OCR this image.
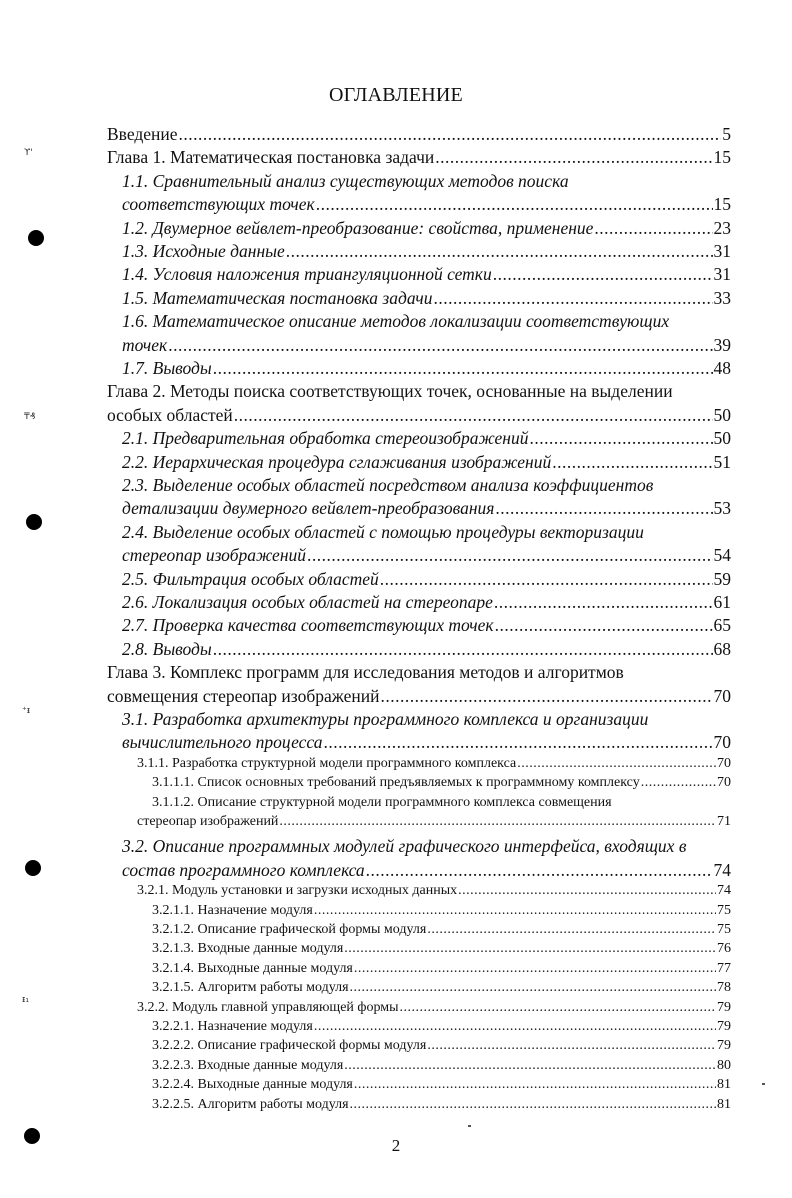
ОГЛАВЛЕНИЕ
Введение .....	5
Глава 1. Математическая постановка задачи .....	15
1.1. Сравнительный анализ существующих методов поиска
соответствующих точек .....	15
1.2. Двумерное вейвлет-преобразование: свойства, применение .....	23
1.3. Исходные данные .....	31
1.4. Условия наложения триангуляционной сетки .....	31
1.5. Математическая постановка задачи .....	33
1.6. Математическое описание методов локализации соответствующих
точек .....	39
1.7. Выводы .....	48
Глава 2. Методы поиска соответствующих точек, основанные на выделении
особых областей .....	50
2.1. Предварительная обработка стереоизображений .....	50
2.2. Иерархическая процедура сглаживания изображений .....	51
2.3. Выделение особых областей посредством анализа коэффициентов
детализации двумерного вейвлет-преобразования .....	53
2.4. Выделение особых областей с помощью процедуры векторизации
стереопар изображений .....	54
2.5. Фильтрация особых областей .....	59
2.6. Локализация особых областей на стереопаре .....	61
2.7. Проверка качества соответствующих точек .....	65
2.8. Выводы .....	68
Глава 3. Комплекс программ для исследования методов и алгоритмов
совмещения стереопар изображений .....	70
3.1. Разработка архитектуры программного комплекса и организации
вычислительного процесса .....	70
3.1.1. Разработка структурной модели программного комплекса .....	70
3.1.1.1. Список основных требований предъявляемых к программному комплексу .....	70
3.1.1.2. Описание структурной модели программного комплекса совмещения
стереопар изображений .....	71
3.2. Описание программных модулей графического интерфейса, входящих в
состав программного комплекса .....	74
3.2.1. Модуль установки и загрузки исходных данных .....	74
3.2.1.1. Назначение модуля .....	75
3.2.1.2. Описание графической формы модуля .....	75
3.2.1.3. Входные данные модуля .....	76
3.2.1.4. Выходные данные модуля .....	77
3.2.1.5. Алгоритм работы модуля .....	78
3.2.2. Модуль главной управляющей формы .....	79
3.2.2.1. Назначение модуля .....	79
3.2.2.2. Описание графической формы модуля .....	79
3.2.2.3. Входные данные модуля .....	80
3.2.2.4. Выходные данные модуля .....	81
3.2.2.5. Алгоритм работы модуля .....	81
ϒ'
₸₰
⁺ᵻ
ᵻ₁
2
